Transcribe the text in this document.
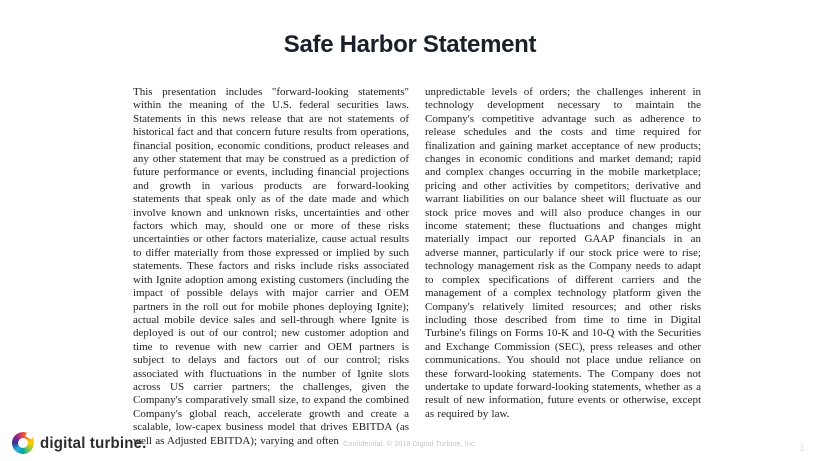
Safe Harbor Statement
This presentation includes "forward-looking statements" within the meaning of the U.S. federal securities laws. Statements in this news release that are not statements of historical fact and that concern future results from operations, financial position, economic conditions, product releases and any other statement that may be construed as a prediction of future performance or events, including financial projections and growth in various products are forward-looking statements that speak only as of the date made and which involve known and unknown risks, uncertainties and other factors which may, should one or more of these risks uncertainties or other factors materialize, cause actual results to differ materially from those expressed or implied by such statements. These factors and risks include risks associated with Ignite adoption among existing customers (including the impact of possible delays with major carrier and OEM partners in the roll out for mobile phones deploying Ignite); actual mobile device sales and sell-through where Ignite is deployed is out of our control; new customer adoption and time to revenue with new carrier and OEM partners is subject to delays and factors out of our control; risks associated with fluctuations in the number of Ignite slots across US carrier partners; the challenges, given the Company's comparatively small size, to expand the combined Company's global reach, accelerate growth and create a scalable, low-capex business model that drives EBITDA (as well as Adjusted EBITDA); varying and often
unpredictable levels of orders; the challenges inherent in technology development necessary to maintain the Company's competitive advantage such as adherence to release schedules and the costs and time required for finalization and gaining market acceptance of new products; changes in economic conditions and market demand; rapid and complex changes occurring in the mobile marketplace; pricing and other activities by competitors; derivative and warrant liabilities on our balance sheet will fluctuate as our stock price moves and will also produce changes in our income statement; these fluctuations and changes might materially impact our reported GAAP financials in an adverse manner, particularly if our stock price were to rise; technology management risk as the Company needs to adapt to complex specifications of different carriers and the management of a complex technology platform given the Company's relatively limited resources; and other risks including those described from time to time in Digital Turbine's filings on Forms 10-K and 10-Q with the Securities and Exchange Commission (SEC), press releases and other communications. You should not place undue reliance on these forward-looking statements. The Company does not undertake to update forward-looking statements, whether as a result of new information, future events or otherwise, except as required by law.
digital turbine.	Confidential. © 2018 Digital Turbine, Inc.	3
